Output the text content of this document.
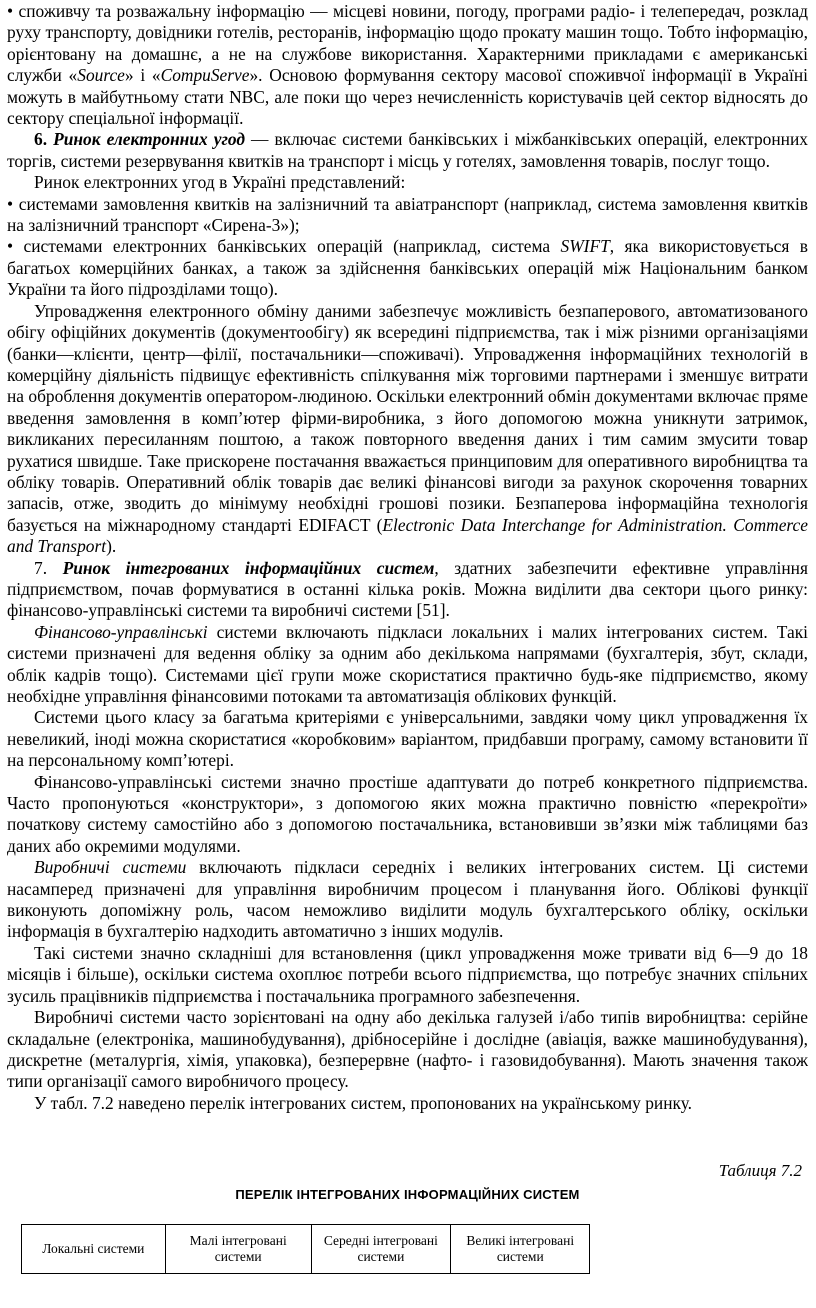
• споживчу та розважальну інформацію — місцеві новини, погоду, програми радіо- і телепередач, розклад руху транспорту, довідники готелів, ресторанів, інформацію щодо прокату машин тощо. Тобто інформацію, орієнтовану на домашнє, а не на службове використання. Характерними прикладами є американські служби «Source» і «CompuServe». Основою формування сектору масової споживчої інформації в Україні можуть в майбутньому стати NBC, але поки що через нечисленність користувачів цей сектор відносять до сектору спеціальної інформації.

6. Ринок електронних угод — включає системи банківських і міжбанківських операцій, електронних торгів, системи резервування квитків на транспорт і місць у готелях, замовлення товарів, послуг тощо.

Ринок електронних угод в Україні представлений:

• системами замовлення квитків на залізничний та авіатранспорт (наприклад, система замовлення квитків на залізничний транспорт «Сирена-3»);

• системами електронних банківських операцій (наприклад, система SWIFT, яка використовується в багатьох комерційних банках, а також за здійснення банківських операцій між Національним банком України та його підрозділами тощо).

Упровадження електронного обміну даними забезпечує можливість безпаперового, автоматизованого обігу офіційних документів (документообігу) як всередині підприємства, так і між різними організаціями (банки—клієнти, центр—філії, постачальники—споживачі). Упровадження інформаційних технологій в комерційну діяльність підвищує ефективність спілкування між торговими партнерами і зменшує витрати на оброблення документів оператором-людиною. Оскільки електронний обмін документами включає пряме введення замовлення в комп’ютер фірми-виробника, з його допомогою можна уникнути затримок, викликаних пересиланням поштою, а також повторного введення даних і тим самим змусити товар рухатися швидше. Таке прискорене постачання вважається принциповим для оперативного виробництва та обліку товарів. Оперативний облік товарів дає великі фінансові вигоди за рахунок скорочення товарних запасів, отже, зводить до мінімуму необхідні грошові позики. Безпаперова інформаційна технологія базується на міжнародному стандарті EDIFACT (Electronic Data Interchange for Administration. Commerce and Transport).

7. Ринок інтегрованих інформаційних систем, здатних забезпечити ефективне управління підприємством, почав формуватися в останні кілька років. Можна виділити два сектори цього ринку: фінансово-управлінські системи та виробничі системи [51].

Фінансово-управлінські системи включають підкласи локальних і малих інтегрованих систем. Такі системи призначені для ведення обліку за одним або декількома напрямами (бухгалтерія, збут, склади, облік кадрів тощо). Системами цієї групи може скористатися практично будь-яке підприємство, якому необхідне управління фінансовими потоками та автоматизація облікових функцій.

Системи цього класу за багатьма критеріями є універсальними, завдяки чому цикл упровадження їх невеликий, іноді можна скористатися «коробковим» варіантом, придбавши програму, самому встановити її на персональному комп’ютері.

Фінансово-управлінські системи значно простіше адаптувати до потреб конкретного підприємства. Часто пропонуються «конструктори», з допомогою яких можна практично повністю «перекроїти» початкову систему самостійно або з допомогою постачальника, встановивши зв’язки між таблицями баз даних або окремими модулями.

Виробничі системи включають підкласи середніх і великих інтегрованих систем. Ці системи насамперед призначені для управління виробничим процесом і планування його. Облікові функції виконують допоміжну роль, часом неможливо виділити модуль бухгалтерського обліку, оскільки інформація в бухгалтерію надходить автоматично з інших модулів.

Такі системи значно складніші для встановлення (цикл упровадження може тривати від 6—9 до 18 місяців і більше), оскільки система охоплює потреби всього підприємства, що потребує значних спільних зусиль працівників підприємства і постачальника програмного забезпечення.

Виробничі системи часто зорієнтовані на одну або декілька галузей і/або типів виробництва: серійне складальне (електроніка, машинобудування), дрібносерійне і дослідне (авіація, важке машинобудування), дискретне (металургія, хімія, упаковка), безперервне (нафто- і газовидобування). Мають значення також типи організації самого виробничого процесу.

У табл. 7.2 наведено перелік інтегрованих систем, пропонованих на українському ринку.

Таблиця 7.2
ПЕРЕЛІК ІНТЕГРОВАНИХ ІНФОРМАЦІЙНИХ СИСТЕМ
Локальні системи	Малі інтегровані системи	Середні інтегровані системи	Великі інтегровані системи	
